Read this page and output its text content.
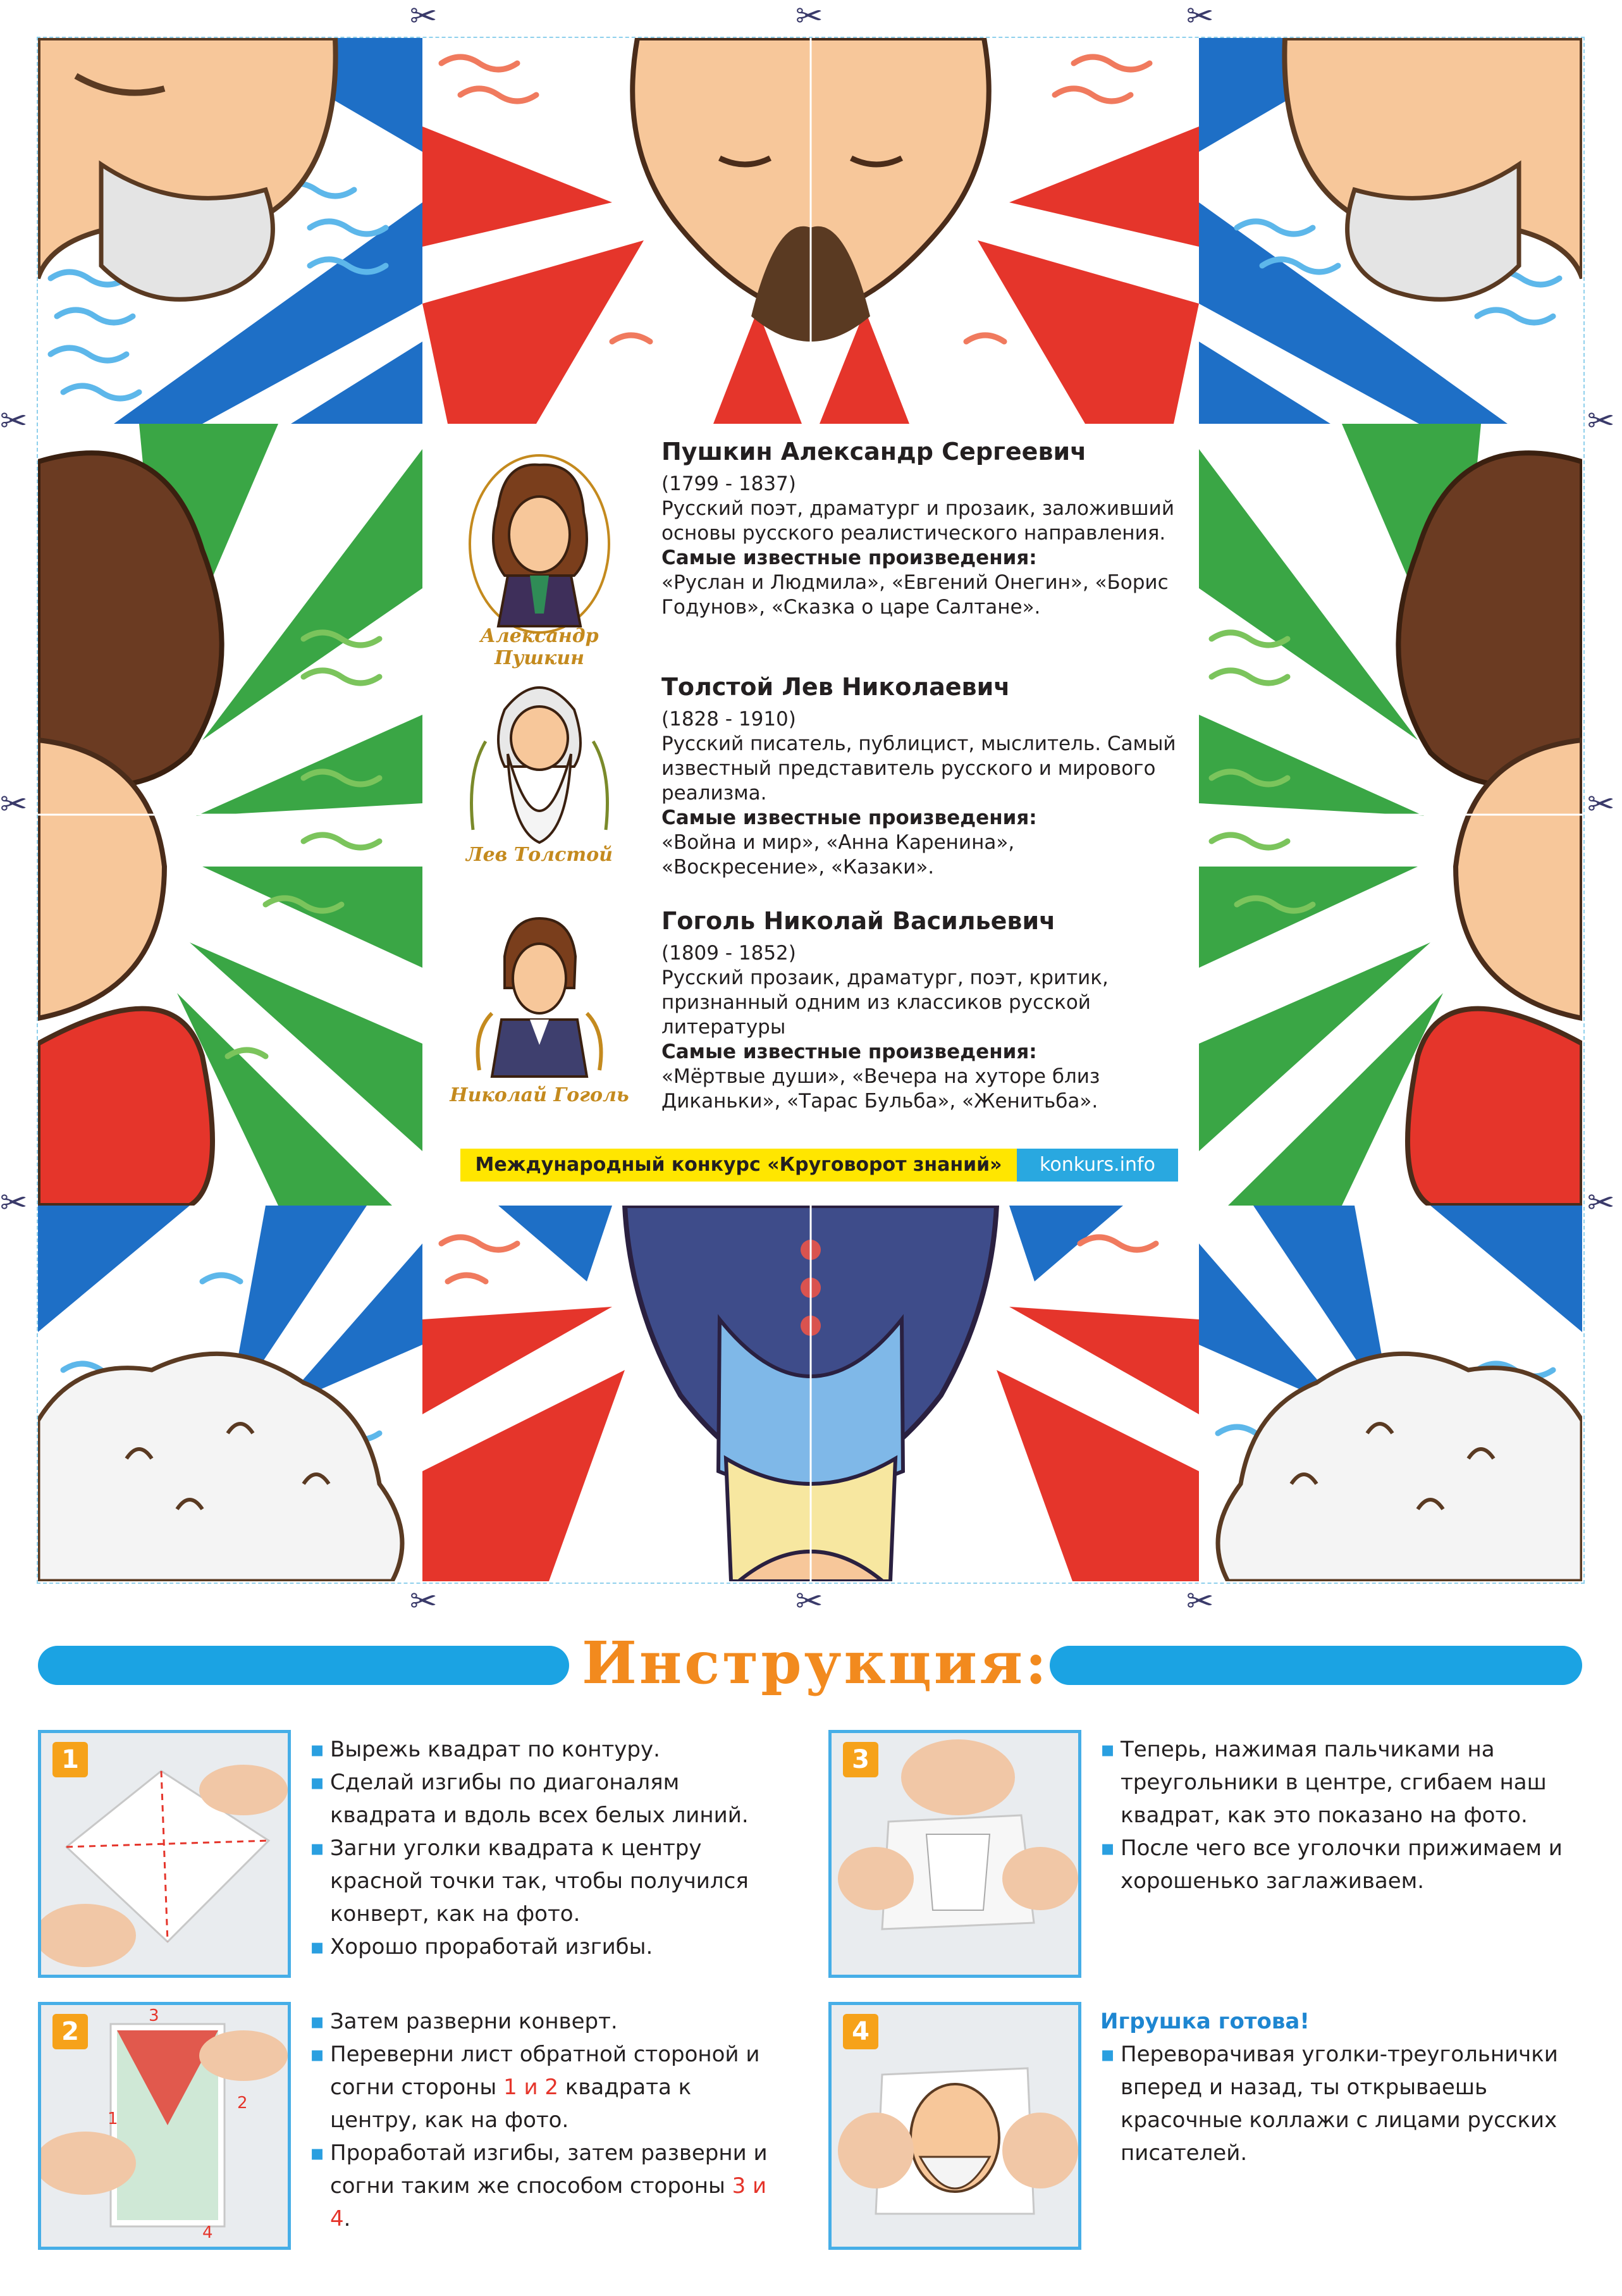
Александр Пушкин
Пушкин Александр Сергеевич
(1799 - 1837)
Русский поэт, драматург и прозаик, заложивший основы русского реалистического направления.
Самые известные произведения:
«Руслан и Людмила», «Евгений Онегин», «Борис Годунов», «Сказка о царе Салтане».
Лев Толстой
Толстой Лев Николаевич
(1828 - 1910)
Русский писатель, публицист, мыслитель. Самый известный представитель русского и мирового реализма.
Самые известные произведения:
«Война и мир», «Анна Каренина», «Воскресение», «Казаки».
Николай Гоголь
Гоголь Николай Васильевич
(1809 - 1852)
Русский прозаик, драматург, поэт, критик, признанный одним из классиков русской литературы
Самые известные произведения:
«Мёртвые души», «Вечера на хуторе близ Диканьки», «Тарас Бульба», «Женитьба».
Международный конкурс «Круговорот знаний»	konkurs.info
✂	✂	✂
✂
✂
✂
✂
✂
✂
✂	✂	✂
Инструкция:
1	▪ Вырежь квадрат по контуру.
▪ Сделай изгибы по диагоналям квадрата и вдоль всех белых линий.
▪ Загни уголки квадрата к центру красной точки так, чтобы получился конверт, как на фото.
▪ Хорошо проработай изгибы.
3	▪ Теперь, нажимая пальчиками на треугольники в центре, сгибаем наш квадрат, как это показано на фото.
▪ После чего все уголочки прижимаем и хорошенько заглаживаем.
2
1
2
3
4
▪ Затем разверни конверт.
▪ Переверни лист обратной стороной и согни стороны 1 и 2 квадрата к центру, как на фото.
▪ Проработай изгибы, затем разверни и согни таким же способом стороны 3 и 4.
4	Игрушка готова!
▪ Переворачивая уголки-треугольнички вперед и назад, ты открываешь красочные коллажи с лицами русских писателей.
